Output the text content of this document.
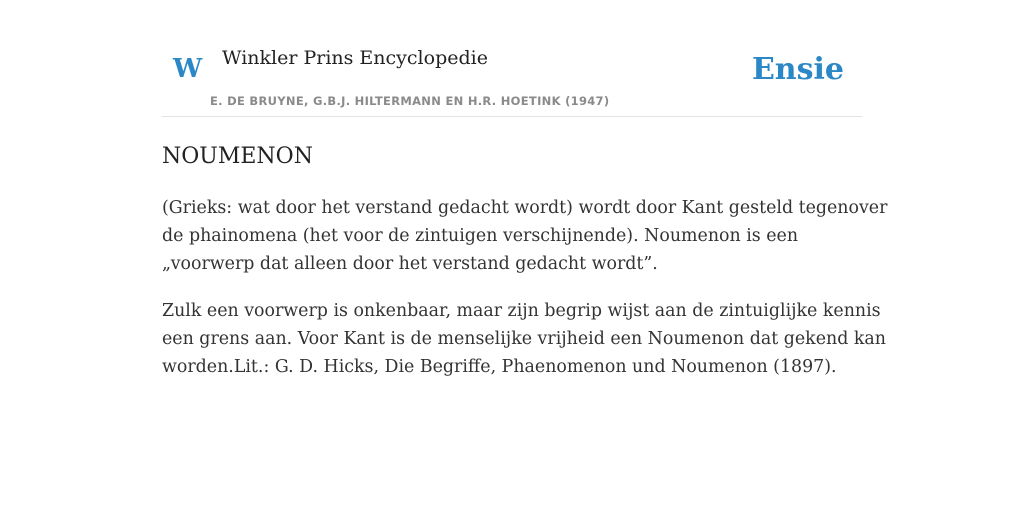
W Winkler Prins Encyclopedie
E. DE BRUYNE, G.B.J. HILTERMANN EN H.R. HOETINK (1947)
Ensie
NOUMENON

(Grieks: wat door het verstand gedacht wordt) wordt door Kant gesteld tegenover
de phainomena (het voor de zintuigen verschijnende). Noumenon is een
„voorwerp dat alleen door het verstand gedacht wordt”.

Zulk een voorwerp is onkenbaar, maar zijn begrip wijst aan de zintuiglijke kennis
een grens aan. Voor Kant is de menselijke vrijheid een Noumenon dat gekend kan
worden.Lit.: G. D. Hicks, Die Begriffe, Phaenomenon und Noumenon (1897).
